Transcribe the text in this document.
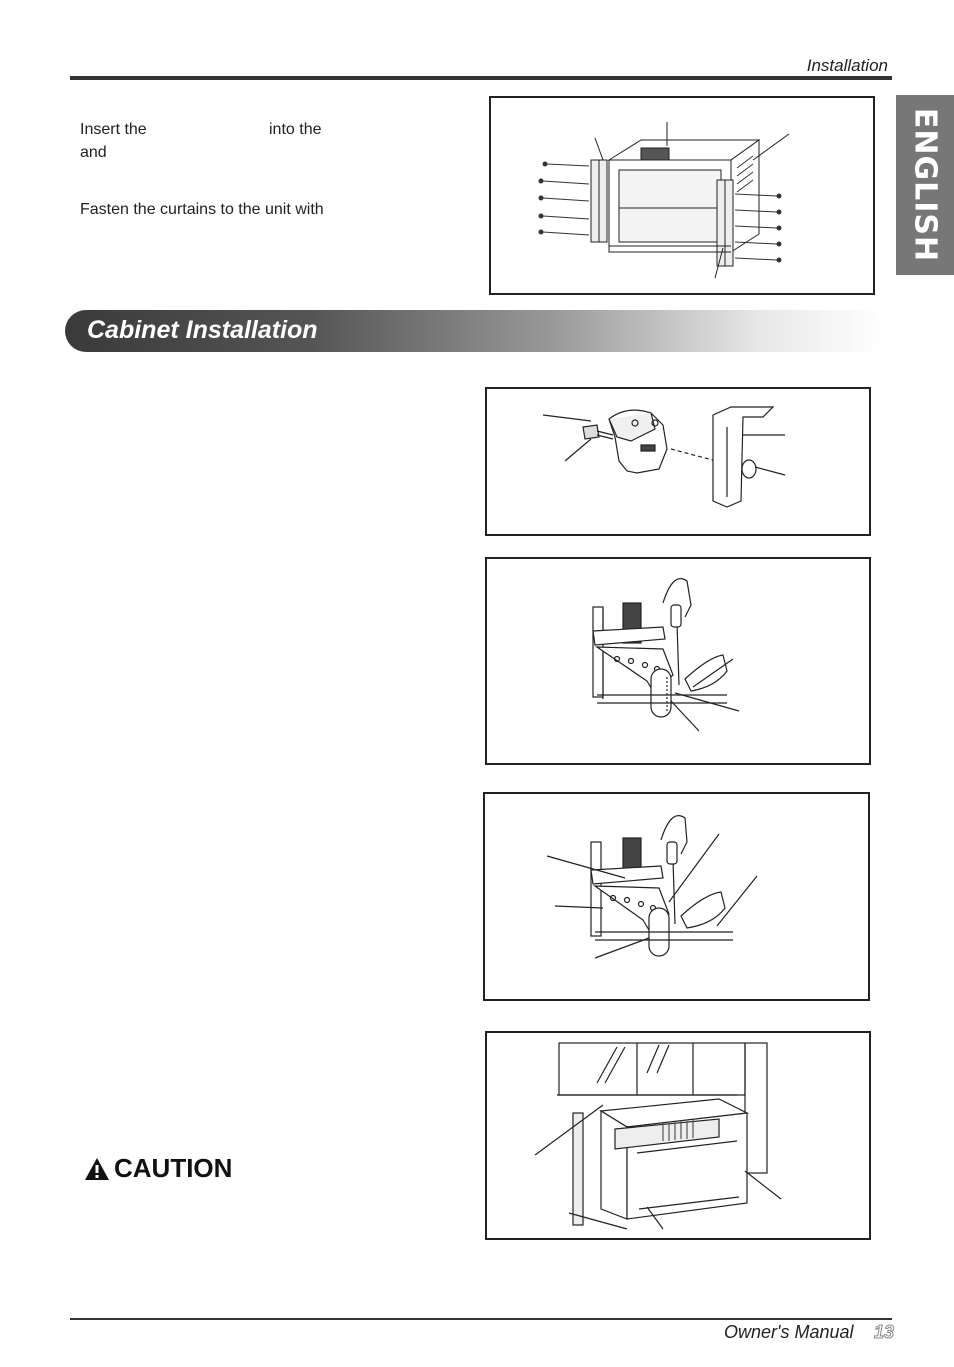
Installation
ENGLISH
Insert the	into the
and
Fasten the curtains to the unit with
Cabinet Installation
CAUTION
Owner's Manual 13
